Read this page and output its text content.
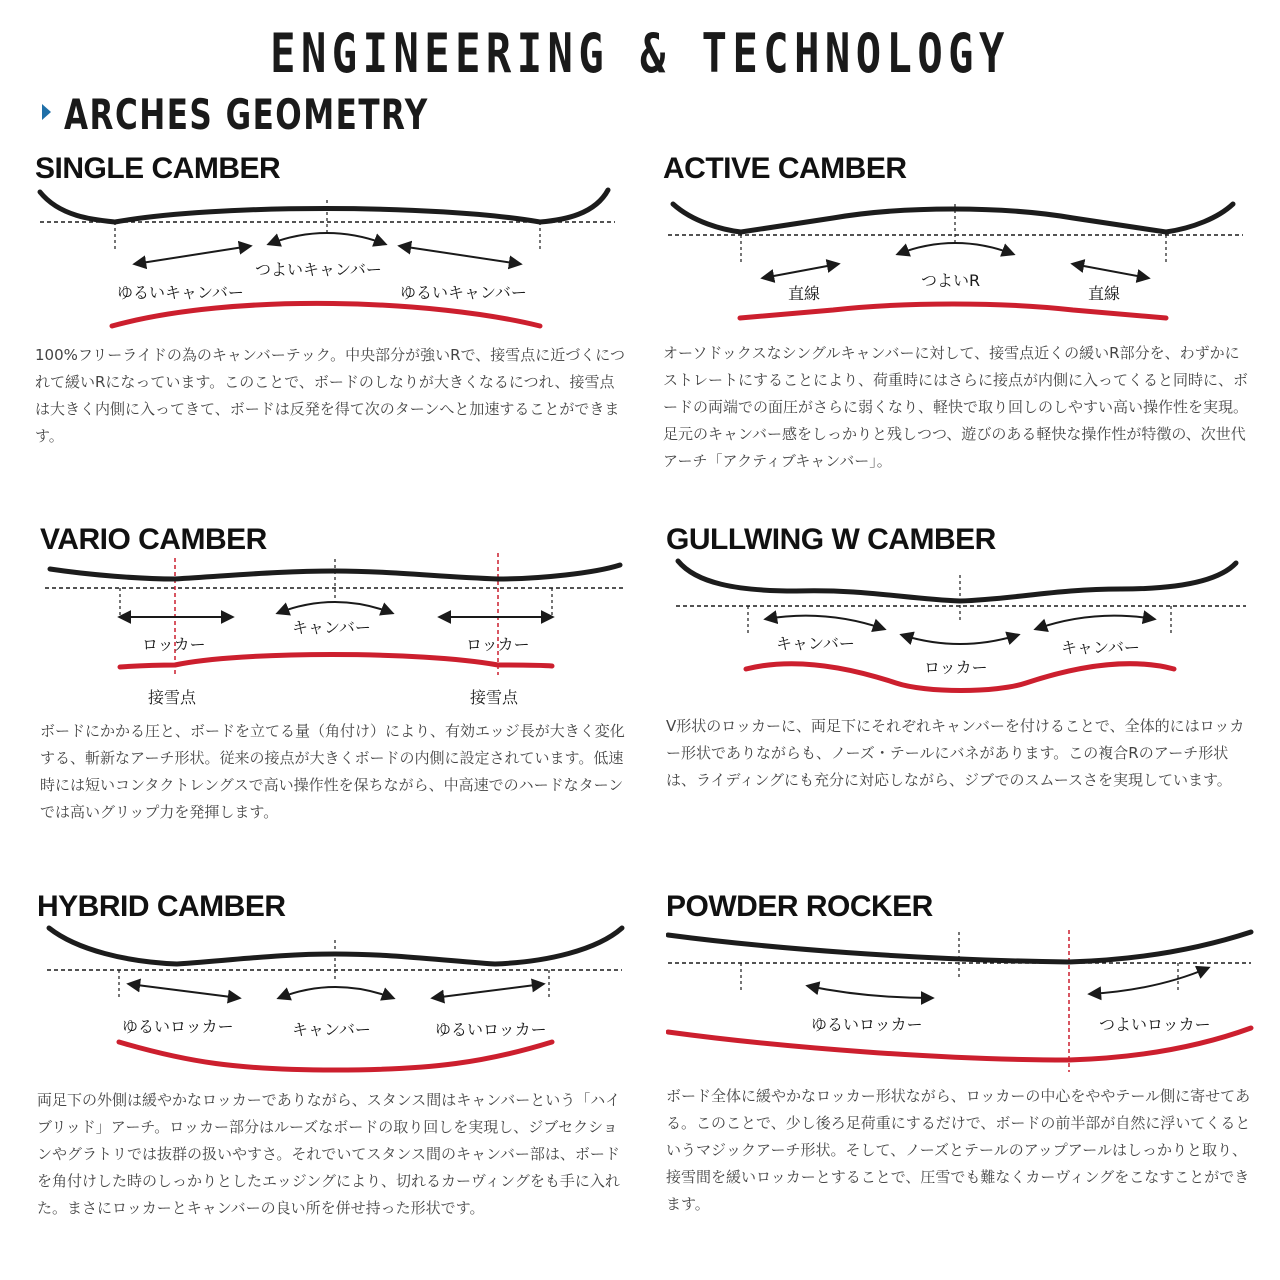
ENGINEERING & TECHNOLOGY
ARCHES GEOMETRY
SINGLE CAMBER
つよいキャンバー
ゆるいキャンバー	ゆるいキャンバー

100%フリーライドの為のキャンバーテック。中央部分が強いRで、接雪点に近づくにつれて緩いRになっています。このことで、ボードのしなりが大きくなるにつれ、接雪点は大きく内側に入ってきて、ボードは反発を得て次のターンへと加速することができます。

ACTIVE CAMBER
直線
つよいR
直線

オーソドックスなシングルキャンバーに対して、接雪点近くの緩いR部分を、わずかにストレートにすることにより、荷重時にはさらに接点が内側に入ってくると同時に、ボードの両端での面圧がさらに弱くなり、軽快で取り回しのしやすい高い操作性を実現。足元のキャンバー感をしっかりと残しつつ、遊びのある軽快な操作性が特徴の、次世代アーチ「アクティブキャンバー」。

VARIO CAMBER
ロッカー
キャンバー
ロッカー
接雪点	接雪点

ボードにかかる圧と、ボードを立てる量（角付け）により、有効エッジ長が大きく変化する、斬新なアーチ形状。従来の接点が大きくボードの内側に設定されています。低速時には短いコンタクトレングスで高い操作性を保ちながら、中高速でのハードなターンでは高いグリップ力を発揮します。

GULLWING W CAMBER
キャンバー
ロッカー
キャンバー

V形状のロッカーに、両足下にそれぞれキャンバーを付けることで、全体的にはロッカー形状でありながらも、ノーズ・テールにバネがあります。この複合Rのアーチ形状は、ライディングにも充分に対応しながら、ジブでのスムースさを実現しています。

HYBRID CAMBER
ゆるいロッカー	キャンバー	ゆるいロッカー

両足下の外側は緩やかなロッカーでありながら、スタンス間はキャンバーという「ハイブリッド」アーチ。ロッカー部分はルーズなボードの取り回しを実現し、ジブセクションやグラトリでは抜群の扱いやすさ。それでいてスタンス間のキャンバー部は、ボードを角付けした時のしっかりとしたエッジングにより、切れるカーヴィングをも手に入れた。まさにロッカーとキャンバーの良い所を併せ持った形状です。

POWDER ROCKER
ゆるいロッカー	つよいロッカー

ボード全体に緩やかなロッカー形状ながら、ロッカーの中心をややテール側に寄せてある。このことで、少し後ろ足荷重にするだけで、ボードの前半部が自然に浮いてくるというマジックアーチ形状。そして、ノーズとテールのアップアールはしっかりと取り、接雪間を緩いロッカーとすることで、圧雪でも難なくカーヴィングをこなすことができます。
